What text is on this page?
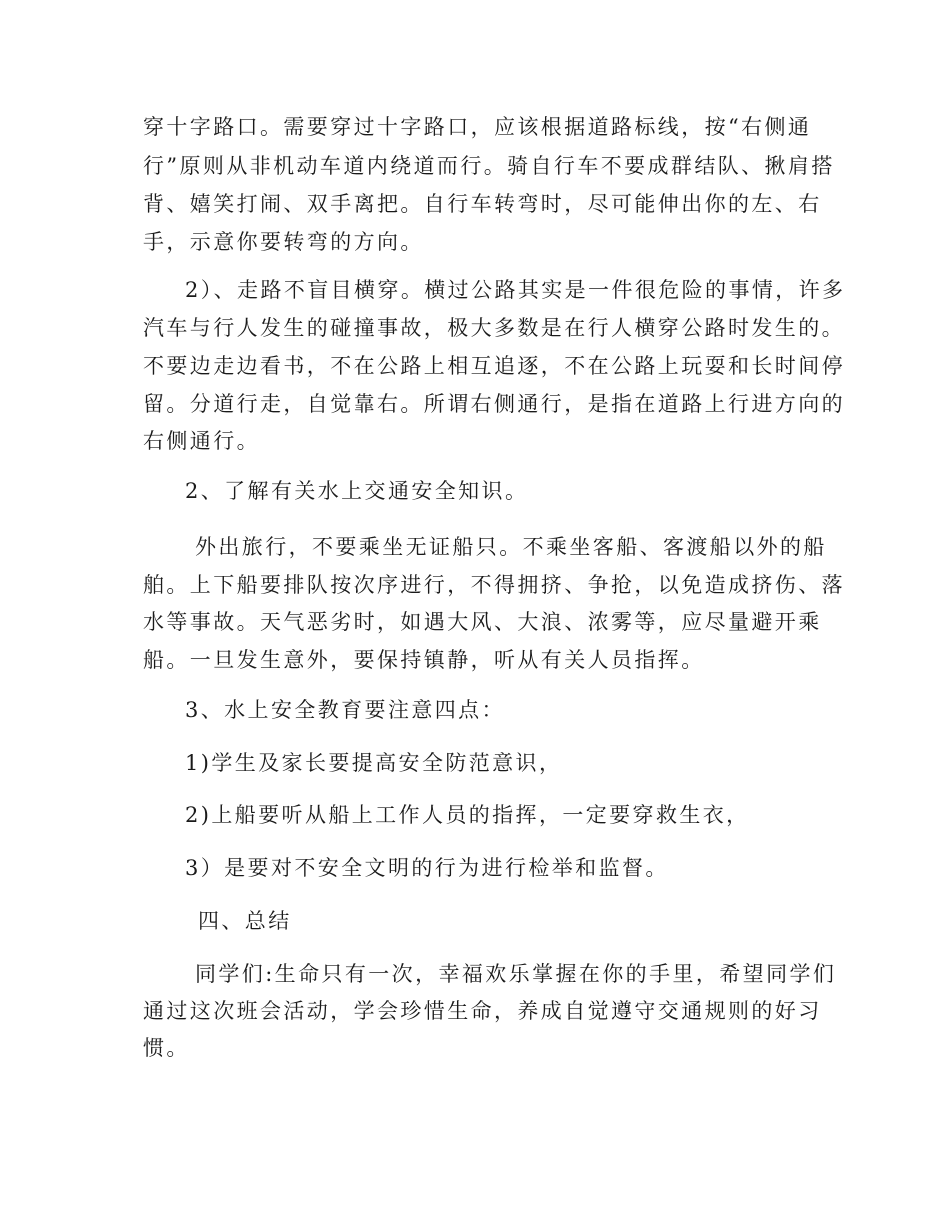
穿十字路口。需要穿过十字路口，应该根据道路标线，按“右侧通
行”原则从非机动车道内绕道而行。骑自行车不要成群结队、揪肩搭
背、嬉笑打闹、双手离把。自行车转弯时，尽可能伸出你的左、右
手，示意你要转弯的方向。
2）、走路不盲目横穿。横过公路其实是一件很危险的事情，许多
汽车与行人发生的碰撞事故，极大多数是在行人横穿公路时发生的。
不要边走边看书，不在公路上相互追逐，不在公路上玩耍和长时间停
留。分道行走，自觉靠右。所谓右侧通行，是指在道路上行进方向的
右侧通行。
2、了解有关水上交通安全知识。
外出旅行，不要乘坐无证船只。不乘坐客船、客渡船以外的船
舶。上下船要排队按次序进行，不得拥挤、争抢，以免造成挤伤、落
水等事故。天气恶劣时，如遇大风、大浪、浓雾等，应尽量避开乘
船。一旦发生意外，要保持镇静，听从有关人员指挥。
3、水上安全教育要注意四点：
1)学生及家长要提高安全防范意识，
2)上船要听从船上工作人员的指挥，一定要穿救生衣，
3）是要对不安全文明的行为进行检举和监督。
四、总结
同学们:生命只有一次，幸福欢乐掌握在你的手里，希望同学们
通过这次班会活动，学会珍惜生命，养成自觉遵守交通规则的好习
惯。
